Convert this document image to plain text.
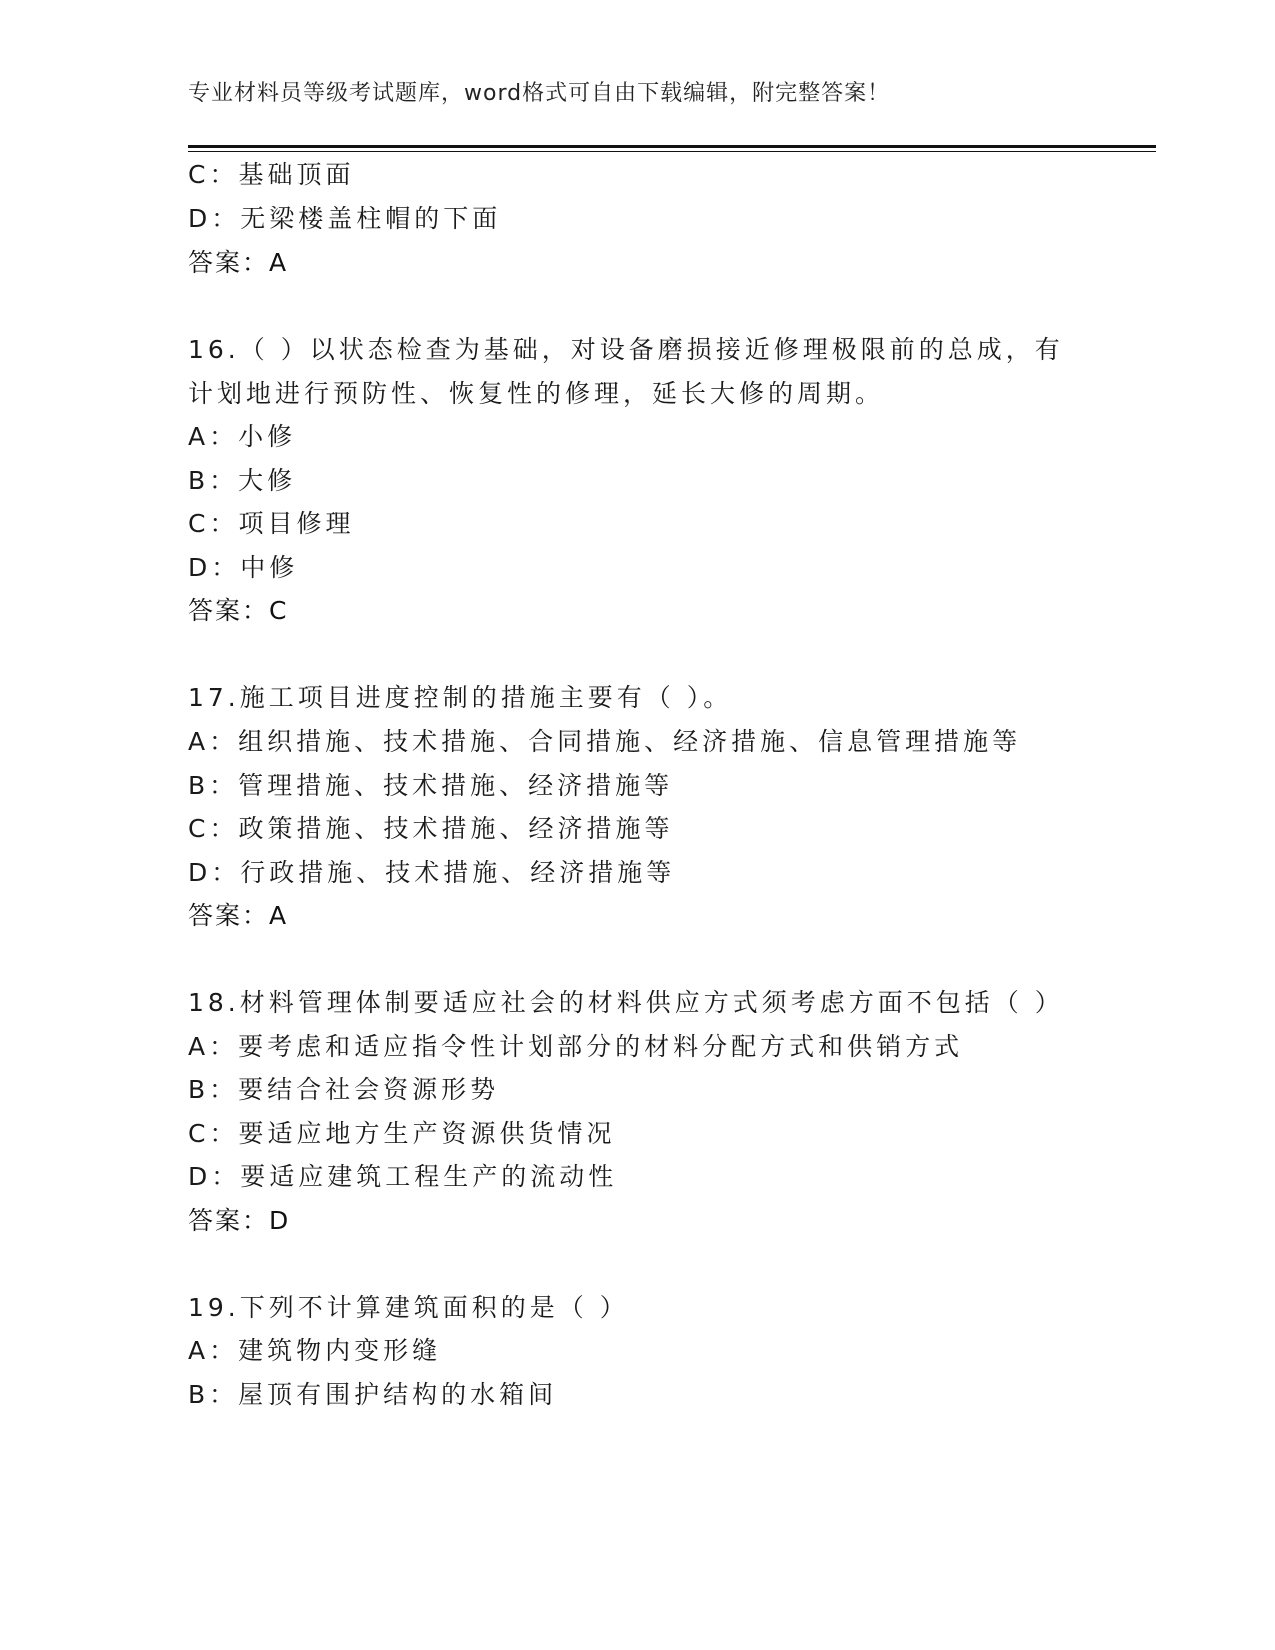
专业材料员等级考试题库，word格式可自由下载编辑，附完整答案！
C：基础顶面
D：无梁楼盖柱帽的下面
答案：A
16.（ ）以状态检查为基础，对设备磨损接近修理极限前的总成，有
计划地进行预防性、恢复性的修理，延长大修的周期。
A：小修
B：大修
C：项目修理
D：中修
答案：C
17.施工项目进度控制的措施主要有（ ）。
A：组织措施、技术措施、合同措施、经济措施、信息管理措施等
B：管理措施、技术措施、经济措施等
C：政策措施、技术措施、经济措施等
D：行政措施、技术措施、经济措施等
答案：A
18.材料管理体制要适应社会的材料供应方式须考虑方面不包括（ ）
A：要考虑和适应指令性计划部分的材料分配方式和供销方式
B：要结合社会资源形势
C：要适应地方生产资源供货情况
D：要适应建筑工程生产的流动性
答案：D
19.下列不计算建筑面积的是（ ）
A：建筑物内变形缝
B：屋顶有围护结构的水箱间
